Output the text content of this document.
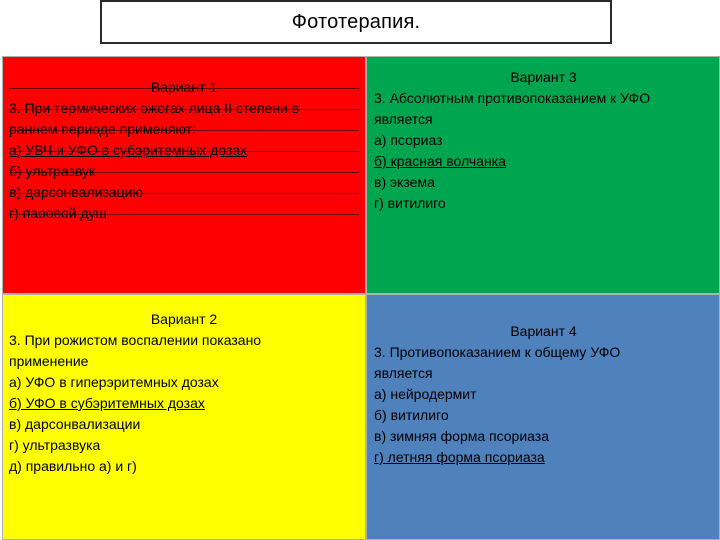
Фототерапия.
Вариант 1
3. При термических ожогах лица II степени в
раннем периоде применяют:
а) УВЧ и УФО в субэритемных дозах
б) ультразвук
в) дарсонвализацию
г) паровой душ
Вариант 3
3. Абсолютным противопоказанием к УФО
является
а) псориаз
б) красная волчанка
в) экзема
г) витилиго
Вариант 2
3. При рожистом воспалении показано
применение
а) УФО в гиперэритемных дозах
б) УФО в субэритемных дозах
в) дарсонвализации
г) ультразвука
д) правильно а) и г)
Вариант 4
3. Противопоказанием к общему УФО
является
а) нейродермит
б) витилиго
в) зимняя форма псориаза
г) летняя форма псориаза
